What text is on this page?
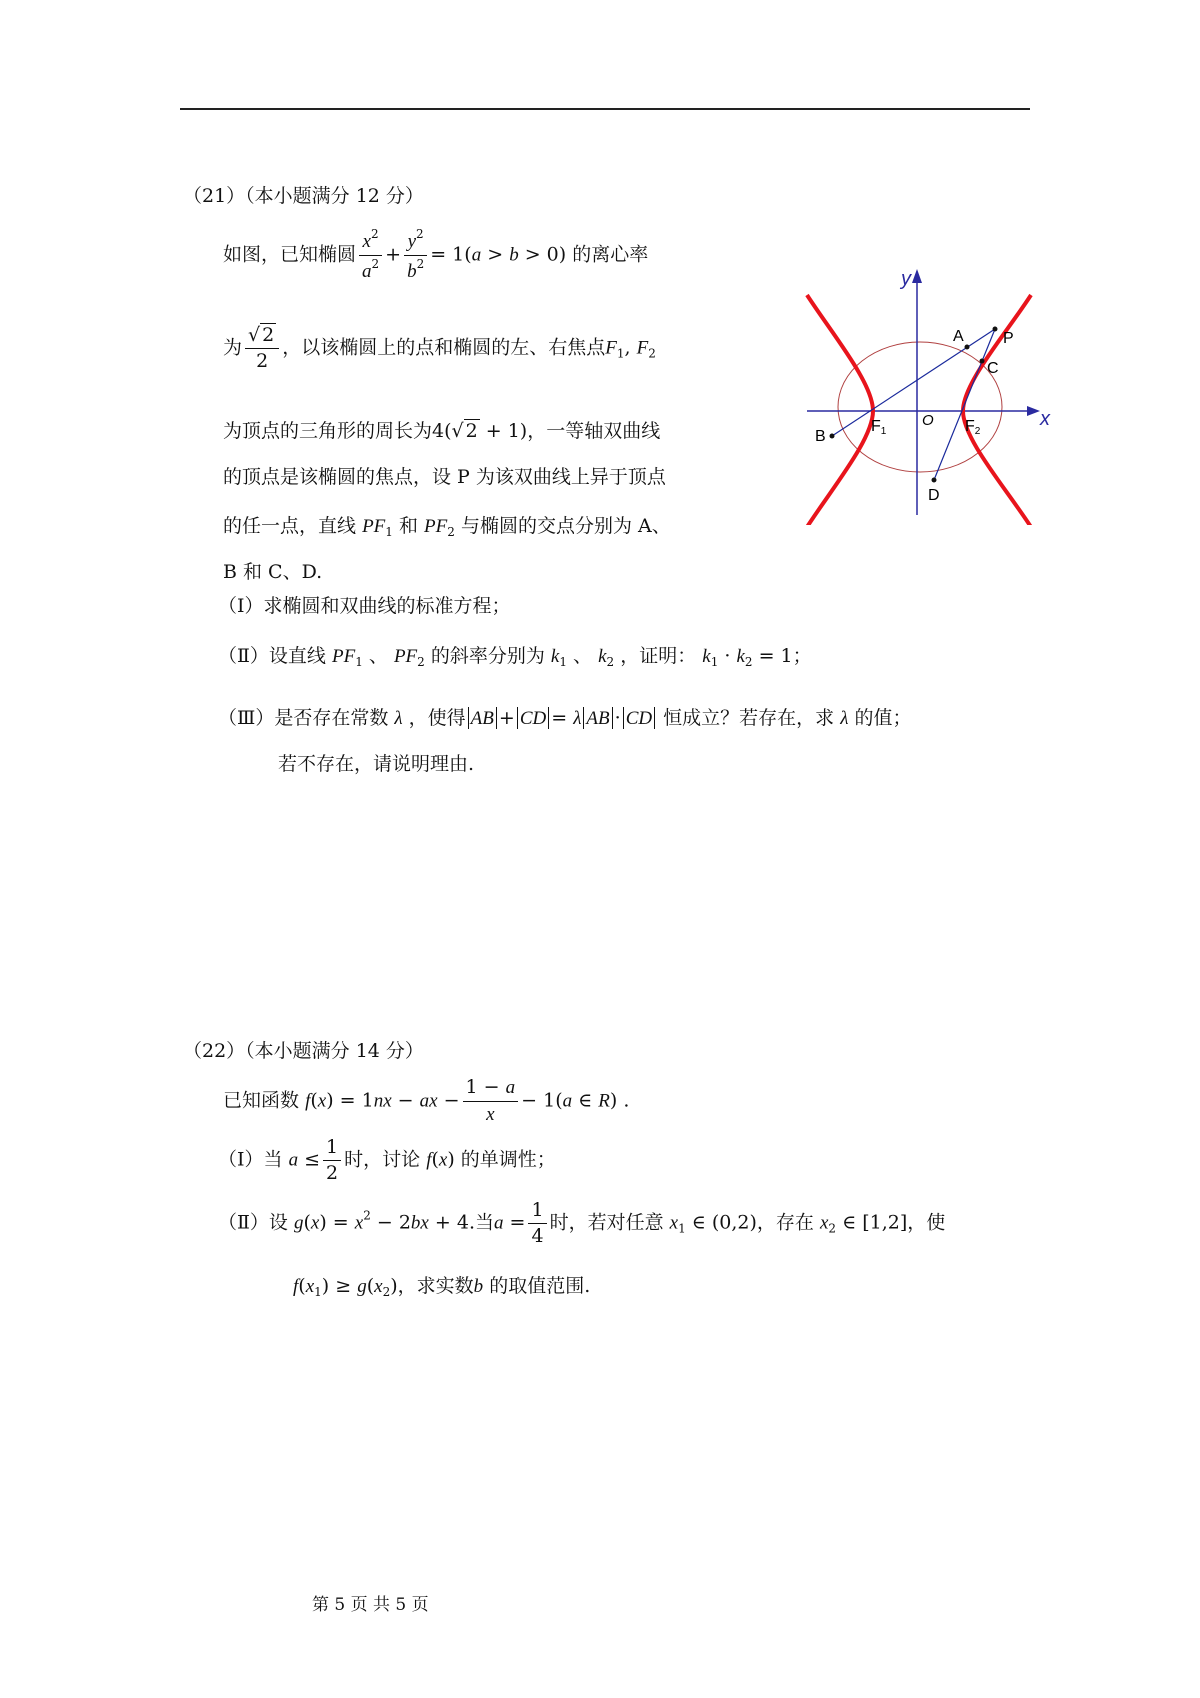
（21）（本小题满分 12 分）
如图，已知椭圆 $\frac{x^2}{a^2} + \frac{y^2}{b^2} = 1(a > b > 0)$ 的离心率
为 $\frac{√ 2}{2}$ ，以该椭圆上的点和椭圆的左、右焦点$F_1$, $F_2$
为顶点的三角形的周长为4(√ 2 + 1)，一等轴双曲线
的顶点是该椭圆的焦点，设 P 为该双曲线上异于顶点
的任一点，直线 $PF_1$ 和 $PF_2$ 与椭圆的交点分别为 A、
B 和 C、D.
（Ⅰ）求椭圆和双曲线的标准方程；
（Ⅱ）设直线 $PF_1$ 、 $PF_2$ 的斜率分别为 $k_1$ 、 $k_2$ ，证明： $k_1 \cdot k_2 = 1$；
（Ⅲ）是否存在常数 λ ，使得 AB + CD = λ AB · CD 恒成立？若存在，求 λ 的值；
若不存在，请说明理由.
P
A
C
B
D
F1	F2
O	x
y
（22）（本小题满分 14 分）
已知函数 f(x) = 1nx − ax − $\frac{1 - a}{x} - 1(a$ ∈ R) .
（Ⅰ）当 $a \le \frac{1}{2}$ 时，讨论 f(x) 的单调性；
（Ⅱ）设 $g(x) = x^2 - 2bx + 4$.当$a = \frac{1}{4}$ 时，若对任意 $x_1$ ∈ (0,2)，存在 $x_2$ ∈ [1,2]，使
$f(x_1) \ge g(x_2)$，求实数b 的取值范围.
第 5 页 共 5 页
